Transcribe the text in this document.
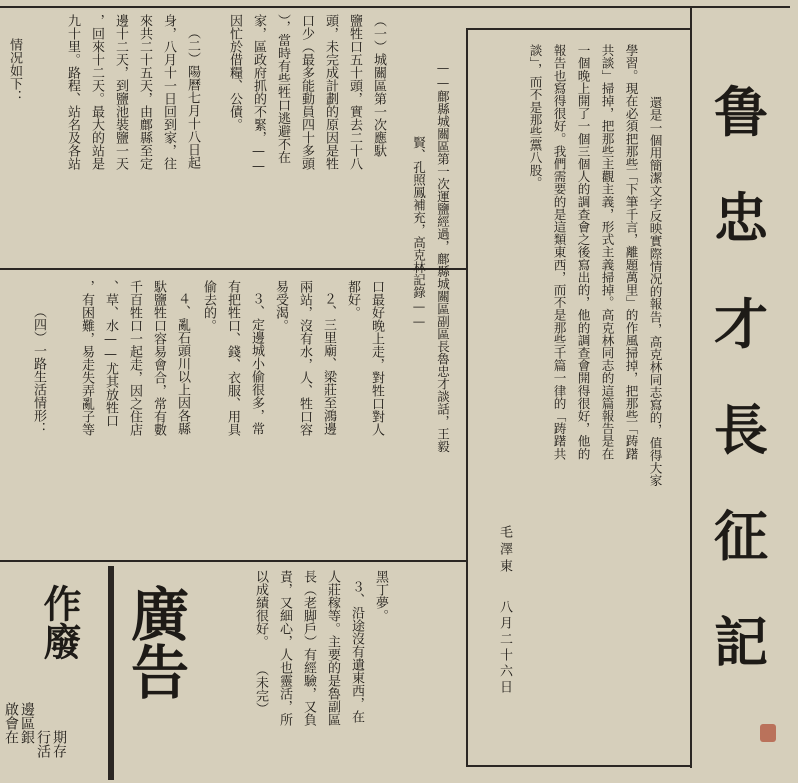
鲁
忠
才
長
征
記
還是一個用簡潔文字反映實際情况的報告，高克林同志寫的，值得大家
學習。現在必須把那些「下筆千言，離題萬里」的作風掃掉，把那些「踌躇
共談」掃掉，把那些主觀主義，形式主義掃掉。高克林同志的這篇報告是在
一個晚上開了一個三個人的調查會之後寫出的，他的調查會開得很好，他的
報告也寫得很好。我們需要的是這類東西，而不是那些千篇一律的「踌躇共
談」，而不是那些黨八股。
毛澤東
八月二十六日
——鄜縣城關區第一次運鹽經過，鄜縣城關區副區長魯忠才談話，王毅
賢、孔照鳳補充，高克林記錄——
口最好晚上走，對牲口對人
都好。
２、三里廟、梁莊至鴻邊
兩站，沒有水，人、牲口容
易受渴。
３、定邊城小偷很多，常
有把牲口、錢、衣服、用具
偷去的。
（一）城關區第一次應馱
鹽牲口五十頭，實去二十八
頭，未完成計劃的原因是牲
口少（最多能動員四十多頭
），當時有些牲口逃避不在
家，區政府抓的不緊，——
因忙於借糧、公債。
（二）陽曆七月十八日起
身，八月十一日回到家，往
來共二十五天，由鄜縣至定
邊十二天，到鹽池裝鹽一天
，回來十二天。最大的站是
九十里。路程、站名及各站
情况如下：
４、亂石頭川以上因各縣
馱鹽牲口容易會合，常有數
千百牲口一起走，因之住店
、草、水——尤其放牲口
，有困難，易走失弄亂子等
（四）一路生活情形：
黑丁夢。
３、沿途沒有遺東西，在
人莊稼等。主要的是魯副區
長（老脚戶）有經驗，又負
責，又細心，人也靈活，所
以成績很好。 （未完）
廣告
作廢
啟會在 邊區銀 行活 期存
